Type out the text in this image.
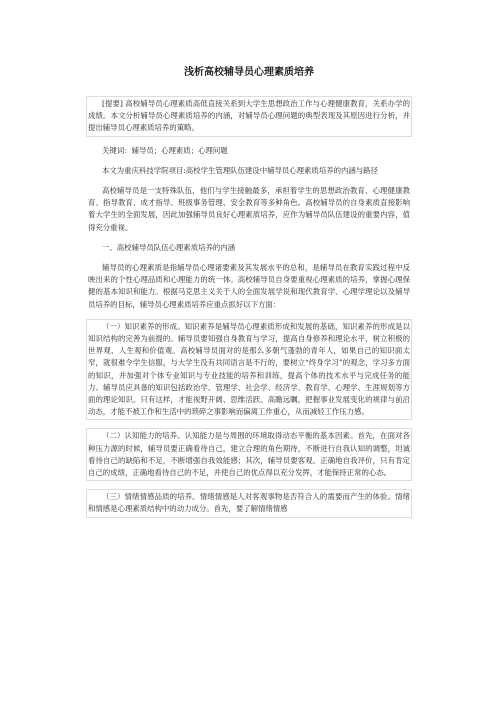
浅析高校辅导员心理素质培养

[提要] 高校辅导员心理素质高低直接关系到大学生思想政治工作与心理健康教育，关系办学的成绩。本文分析辅导员心理素质培养的内涵，对辅导员心理问题的典型表现及其原因进行分析，并提出辅导员心理素质培养的策略。

关键词：辅导员；心理素质；心理问题

本文为重庆科技学院项目:高校学生管理队伍建设中辅导员心理素质培养的内涵与路径

高校辅导员是一支特殊队伍，他们与学生接触最多，承担着学生的思想政治教育、心理健康教育、指导教育、成才指导、班级事务管理、安全教育等多种角色。高校辅导员的自身素质直接影响着大学生的全面发展，因此加强辅导员良好心理素质培养，应作为辅导员队伍建设的重要内容，值得充分重视。

一、高校辅导员队伍心理素质培养的内涵

辅导员的心理素质是指辅导员心理诸要素及其发展水平的总和，是辅导员在教育实践过程中反映出来的个性心理品质和心理能力的统一体。高校辅导员自身要重视心理素质的培养，掌握心理保健的基本知识和能力。根据马克思主义关于人的全面发展学说和现代教育学、心理学理论以及辅导员培养的目标，辅导员心理素质培养应重点抓好以下方面：

（一）知识素养的形成。知识素养是辅导员心理素质形成和发展的基础，知识素养的形成是以知识结构的完善为前提的。辅导员要知强自身教育与学习，提高自身修养和理论水平，树立积极的世界观、人生观和价值观。高校辅导员面对的是那么多朝气蓬勃的青年人，如果自己的知识面太窄，就很难令学生信服，与大学生没有共同语言是不行的，要树立“终身学习”的观念，学习多方面的知识，并加强对个体专业知识与专业技能的培养和训练，提高个体的技术水平与完成任务的能力。辅导员应具备的知识包括政治学、管理学、社会学、经济学、教育学、心理学、生涯规划等方面的理论知识。只有这样，才能视野开阔、思维活跃、高瞻远瞩，把握事业发展变化的规律与前沿动态，才能不被工作和生活中的琐碎之事影响而偏离工作重心，从而减轻工作压力感。

（二）认知能力的培养。认知能力是与周围的环境取得动态平衡的基本因素。首先，在面对各种压力源的时候，辅导员要正确看待自己，建立合理的角色期待，不断进行自我认知的调整，坦诚看待自己的缺陷和不足，不断增强自我效能感；其次，辅导员要客观、正确地自我评价，只有肯定自己的成绩，正确地看待自己的不足，并使自己的优点得以充分发挥，才能保持正常的心态。

（三）情绪情感品质的培养。情绪情感是人对客观事物是否符合人的需要而产生的体验。情绪和情感是心理素质结构中的动力成分。首先，要了解情绪情感
